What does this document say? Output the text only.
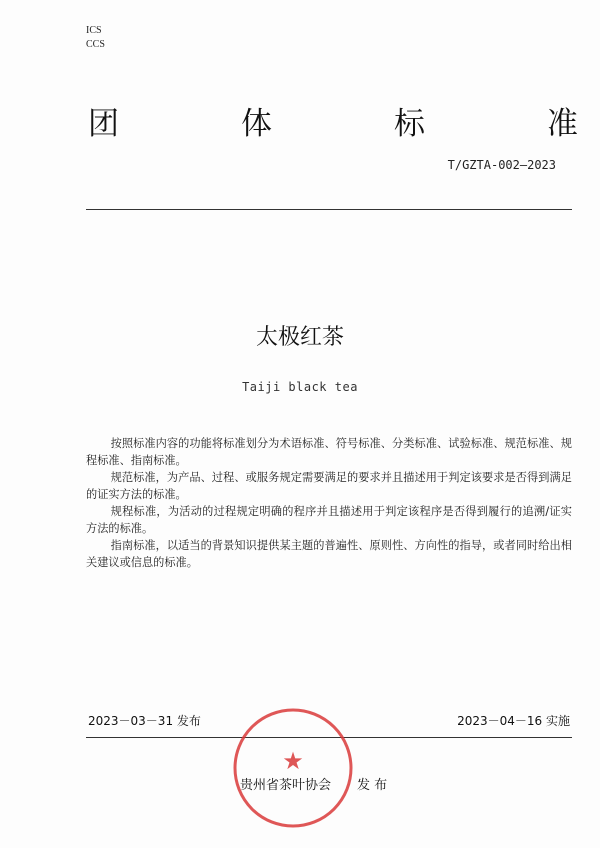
ICS
CCS
团	体	标	准
T/GZTA-002—2023
太极红茶
Taiji black tea

按照标准内容的功能将标准划分为术语标准、符号标准、分类标准、试验标准、规范标准、规程标准、指南标准。

规范标准，为产品、过程、或服务规定需要满足的要求并且描述用于判定该要求是否得到满足的证实方法的标准。

规程标准，为活动的过程规定明确的程序并且描述用于判定该程序是否得到履行的追溯/证实方法的标准。

指南标准，以适当的背景知识提供某主题的普遍性、原则性、方向性的指导，或者同时给出相关建议或信息的标准。

2023－03－31 发布	2023－04－16 实施
贵州省茶叶协会 发 布
★
